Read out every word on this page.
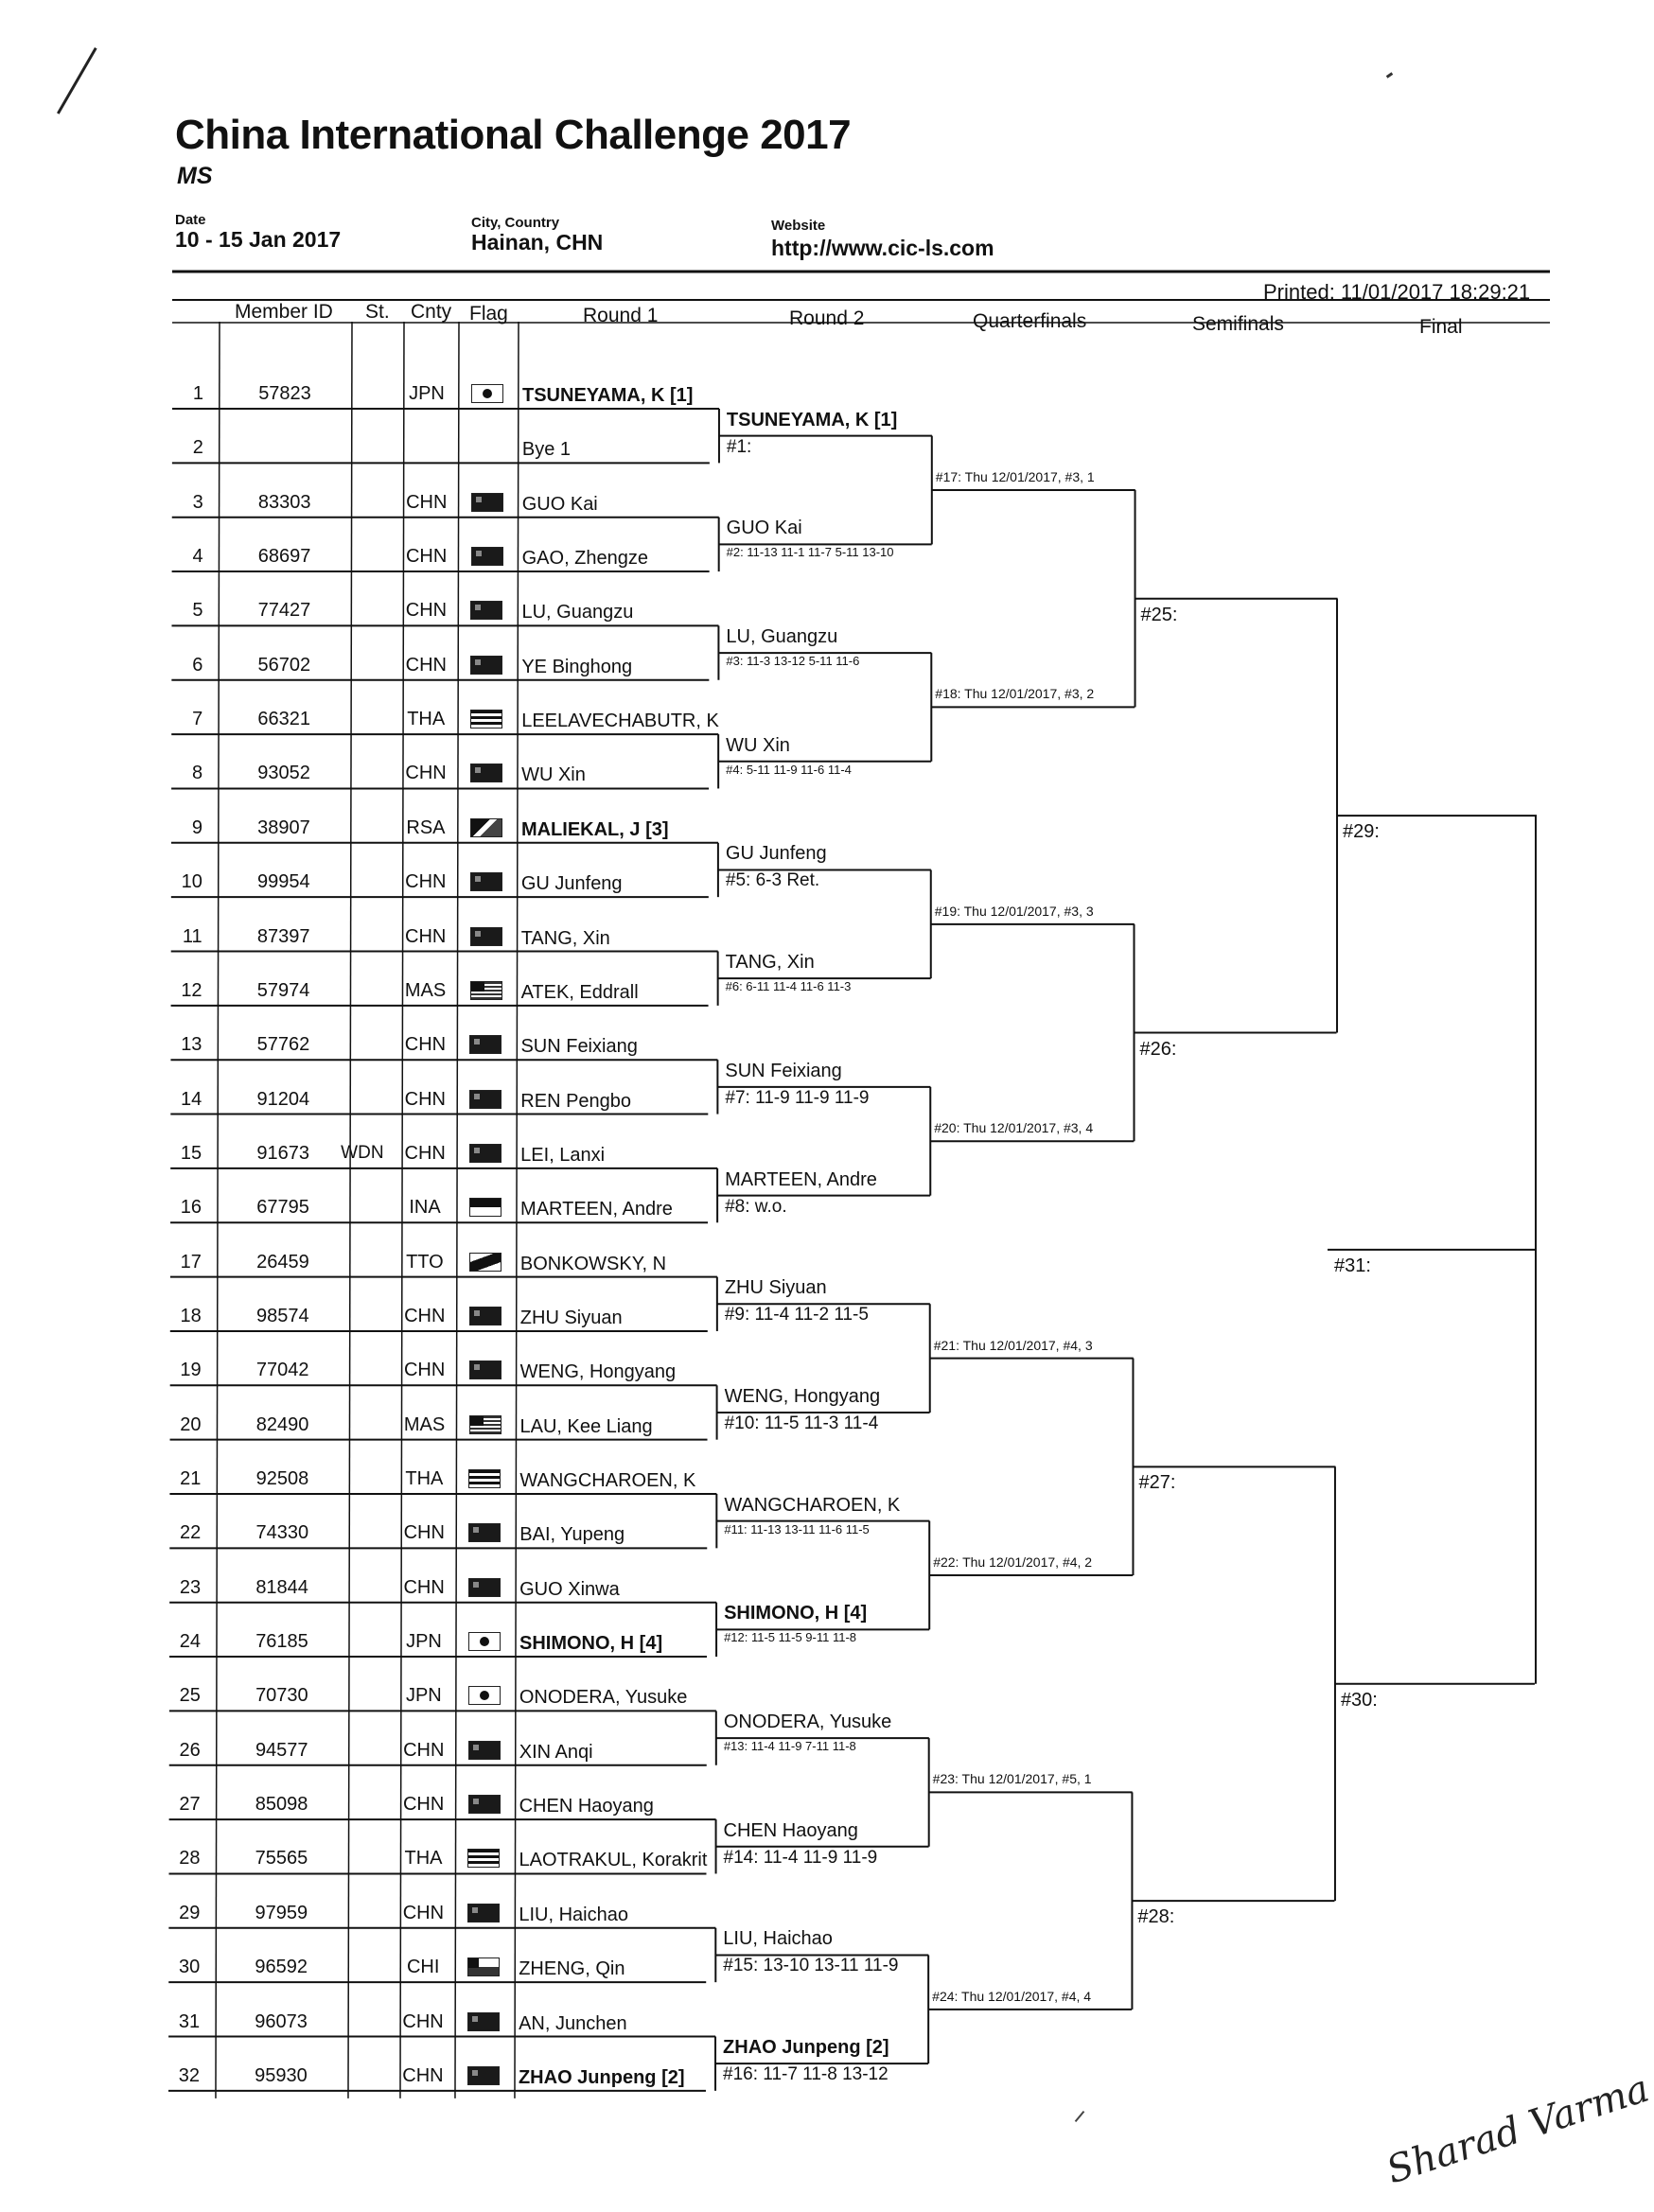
China International Challenge 2017
MS
Date
10 - 15 Jan 2017
City, Country
Hainan, CHN
Website
http://www.cic-ls.com
Printed: 11/01/2017 18:29:21
Member ID St. Cnty Flag	Round 1	Round 2	Quarterfinals	Semifinals	Final
1	57823	JPN	TSUNEYAMA, K [1]
2	Bye 1
3	83303	CHN	GUO Kai
4	68697	CHN	GAO, Zhengze
5	77427	CHN	LU, Guangzu
6	56702	CHN	YE Binghong
7	66321	THA	LEELAVECHABUTR, K
8	93052	CHN	WU Xin
9	38907	RSA	MALIEKAL, J [3]
10	99954	CHN	GU Junfeng
11	87397	CHN	TANG, Xin
12	57974	MAS	ATEK, Eddrall
13	57762	CHN	SUN Feixiang
14	91204	CHN	REN Pengbo
15	91673	WDN	CHN	LEI, Lanxi
16	67795	INA	MARTEEN, Andre
17	26459	TTO	BONKOWSKY, N
18	98574	CHN	ZHU Siyuan
19	77042	CHN	WENG, Hongyang
20	82490	MAS	LAU, Kee Liang
21	92508	THA	WANGCHAROEN, K
22	74330	CHN	BAI, Yupeng
23	81844	CHN	GUO Xinwa
24	76185	JPN	SHIMONO, H [4]
25	70730	JPN	ONODERA, Yusuke
26	94577	CHN	XIN Anqi
27	85098	CHN	CHEN Haoyang
28	75565	THA	LAOTRAKUL, Korakrit
29	97959	CHN	LIU, Haichao
30	96592	CHI	ZHENG, Qin
31	96073	CHN	AN, Junchen
32	95930	CHN	ZHAO Junpeng [2]
TSUNEYAMA, K [1]
#1:
GUO Kai
#2: 11-13 11-1 11-7 5-11 13-10
LU, Guangzu
#3: 11-3 13-12 5-11 11-6
WU Xin
#4: 5-11 11-9 11-6 11-4
GU Junfeng
#5: 6-3 Ret.
TANG, Xin
#6: 6-11 11-4 11-6 11-3
SUN Feixiang
#7: 11-9 11-9 11-9
MARTEEN, Andre
#8: w.o.
ZHU Siyuan
#9: 11-4 11-2 11-5
WENG, Hongyang
#10: 11-5 11-3 11-4
WANGCHAROEN, K
#11: 11-13 13-11 11-6 11-5
SHIMONO, H [4]
#12: 11-5 11-5 9-11 11-8
ONODERA, Yusuke
#13: 11-4 11-9 7-11 11-8
CHEN Haoyang
#14: 11-4 11-9 11-9
LIU, Haichao
#15: 13-10 13-11 11-9
ZHAO Junpeng [2]
#16: 11-7 11-8 13-12
#17: Thu 12/01/2017, #3, 1
#18: Thu 12/01/2017, #3, 2
#19: Thu 12/01/2017, #3, 3
#20: Thu 12/01/2017, #3, 4
#21: Thu 12/01/2017, #4, 3
#22: Thu 12/01/2017, #4, 2
#23: Thu 12/01/2017, #5, 1
#24: Thu 12/01/2017, #4, 4
#25:
#26:
#27:
#28:
#29:
#30:
#31:
Sharad Varma
